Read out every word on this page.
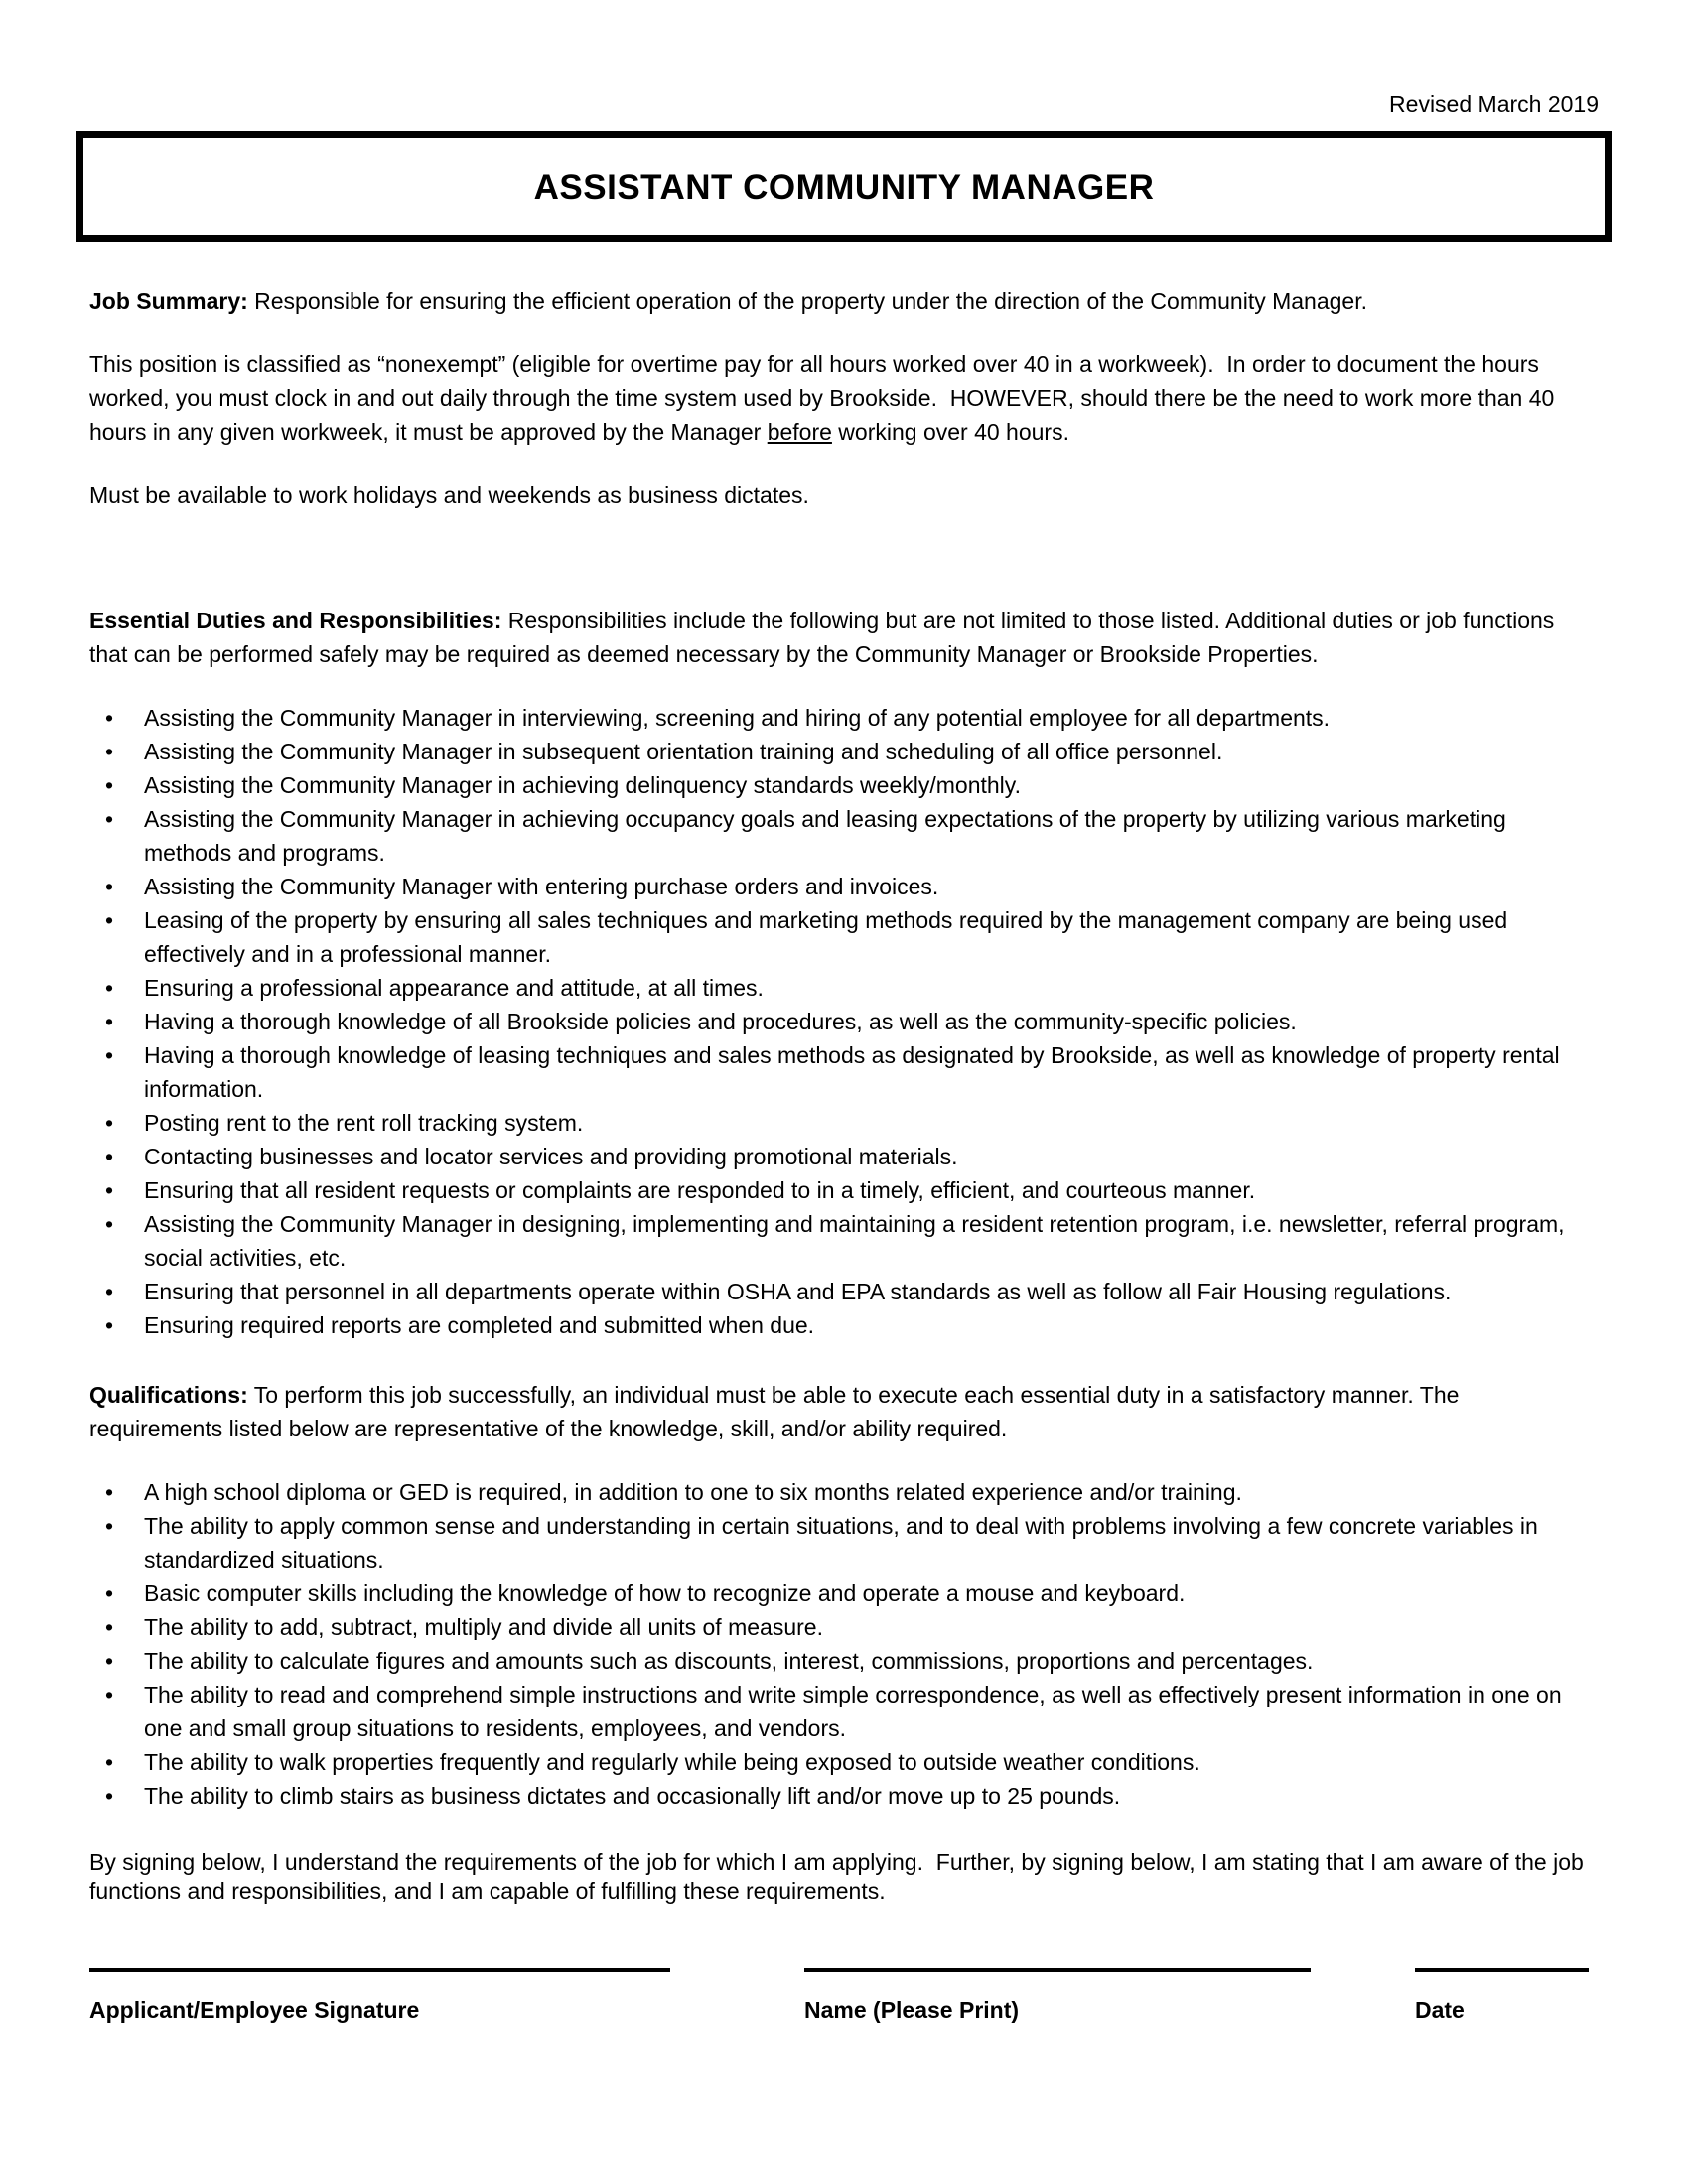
Revised March 2019
ASSISTANT COMMUNITY MANAGER

Job Summary: Responsible for ensuring the efficient operation of the property under the direction of the Community Manager.

This position is classified as “nonexempt” (eligible for overtime pay for all hours worked over 40 in a workweek).  In order to document the hours worked, you must clock in and out daily through the time system used by Brookside.  HOWEVER, should there be the need to work more than 40 hours in any given workweek, it must be approved by the Manager before working over 40 hours.

Must be available to work holidays and weekends as business dictates.

Essential Duties and Responsibilities: Responsibilities include the following but are not limited to those listed. Additional duties or job functions that can be performed safely may be required as deemed necessary by the Community Manager or Brookside Properties.

• Assisting the Community Manager in interviewing, screening and hiring of any potential employee for all departments.
• Assisting the Community Manager in subsequent orientation training and scheduling of all office personnel.
• Assisting the Community Manager in achieving delinquency standards weekly/monthly.
• Assisting the Community Manager in achieving occupancy goals and leasing expectations of the property by utilizing various marketing methods and programs.
• Assisting the Community Manager with entering purchase orders and invoices.
• Leasing of the property by ensuring all sales techniques and marketing methods required by the management company are being used effectively and in a professional manner.
• Ensuring a professional appearance and attitude, at all times.
• Having a thorough knowledge of all Brookside policies and procedures, as well as the community-specific policies.
• Having a thorough knowledge of leasing techniques and sales methods as designated by Brookside, as well as knowledge of property rental information.
• Posting rent to the rent roll tracking system.
• Contacting businesses and locator services and providing promotional materials.
• Ensuring that all resident requests or complaints are responded to in a timely, efficient, and courteous manner.
• Assisting the Community Manager in designing, implementing and maintaining a resident retention program, i.e. newsletter, referral program, social activities, etc.
• Ensuring that personnel in all departments operate within OSHA and EPA standards as well as follow all Fair Housing regulations.
• Ensuring required reports are completed and submitted when due.

Qualifications: To perform this job successfully, an individual must be able to execute each essential duty in a satisfactory manner. The requirements listed below are representative of the knowledge, skill, and/or ability required.

• A high school diploma or GED is required, in addition to one to six months related experience and/or training.
• The ability to apply common sense and understanding in certain situations, and to deal with problems involving a few concrete variables in standardized situations.
• Basic computer skills including the knowledge of how to recognize and operate a mouse and keyboard.
• The ability to add, subtract, multiply and divide all units of measure.
• The ability to calculate figures and amounts such as discounts, interest, commissions, proportions and percentages.
• The ability to read and comprehend simple instructions and write simple correspondence, as well as effectively present information in one on one and small group situations to residents, employees, and vendors.
• The ability to walk properties frequently and regularly while being exposed to outside weather conditions.
• The ability to climb stairs as business dictates and occasionally lift and/or move up to 25 pounds.

By signing below, I understand the requirements of the job for which I am applying.  Further, by signing below, I am stating that I am aware of the job functions and responsibilities, and I am capable of fulfilling these requirements.

Applicant/Employee Signature	Name (Please Print)	Date
